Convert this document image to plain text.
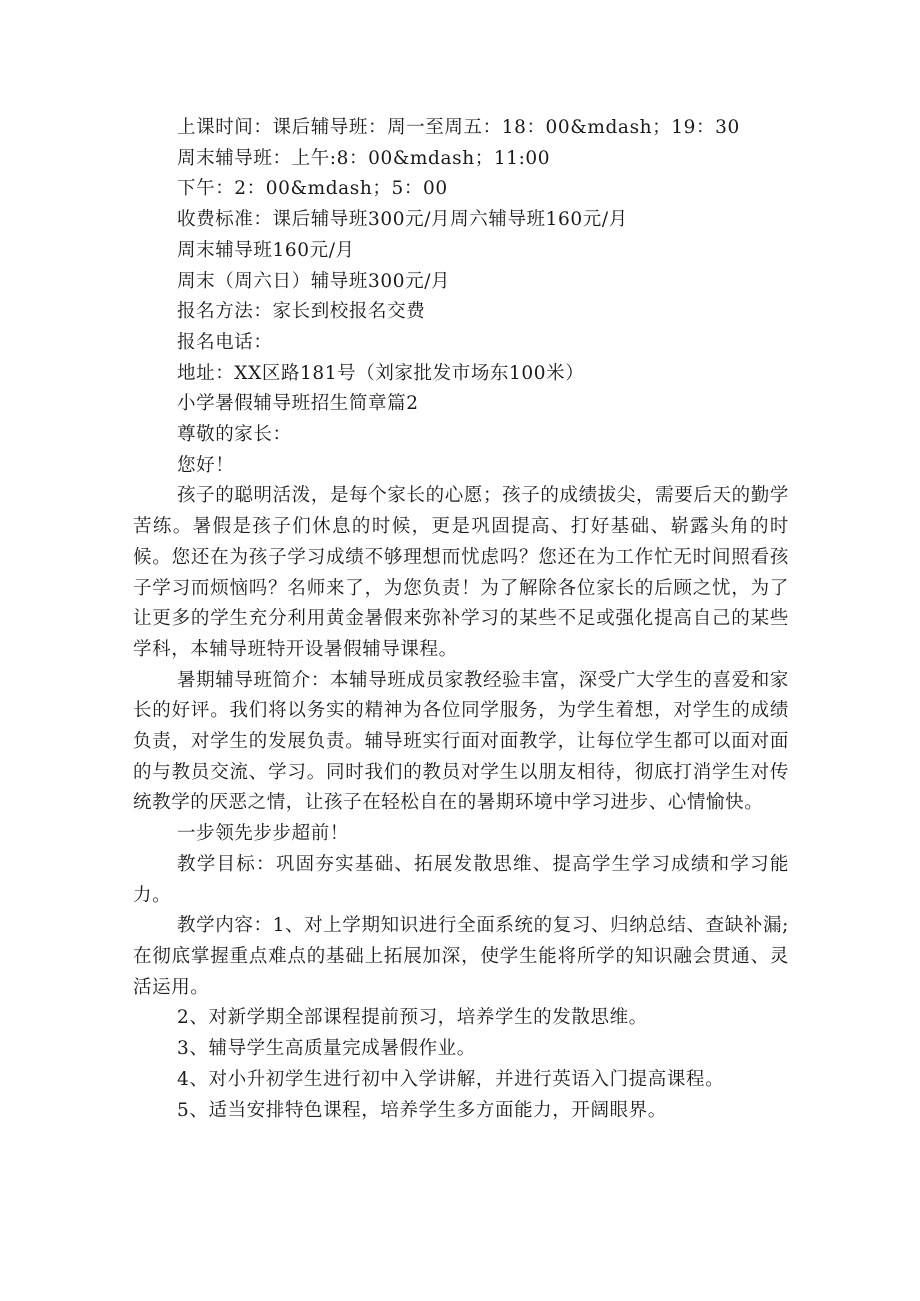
上课时间：课后辅导班：周一至周五：18：00&mdash；19：30

周末辅导班：上午:8：00&mdash；11:00

下午：2：00&mdash；5：00

收费标准：课后辅导班300元/月周六辅导班160元/月

周末辅导班160元/月

周末（周六日）辅导班300元/月

报名方法：家长到校报名交费

报名电话：

地址：XX区路181号（刘家批发市场东100米）

小学暑假辅导班招生简章篇2

尊敬的家长：

您好！

孩子的聪明活泼，是每个家长的心愿；孩子的成绩拔尖，需要后天的勤学苦练。暑假是孩子们休息的时候，更是巩固提高、打好基础、崭露头角的时候。您还在为孩子学习成绩不够理想而忧虑吗？您还在为工作忙无时间照看孩子学习而烦恼吗？名师来了，为您负责！为了解除各位家长的后顾之忧，为了让更多的学生充分利用黄金暑假来弥补学习的某些不足或强化提高自己的某些学科，本辅导班特开设暑假辅导课程。

暑期辅导班简介：本辅导班成员家教经验丰富，深受广大学生的喜爱和家长的好评。我们将以务实的精神为各位同学服务，为学生着想，对学生的成绩负责，对学生的发展负责。辅导班实行面对面教学，让每位学生都可以面对面的与教员交流、学习。同时我们的教员对学生以朋友相待，彻底打消学生对传统教学的厌恶之情，让孩子在轻松自在的暑期环境中学习进步、心情愉快。

一步领先步步超前！

教学目标：巩固夯实基础、拓展发散思维、提高学生学习成绩和学习能力。

教学内容：1、对上学期知识进行全面系统的复习、归纳总结、查缺补漏;在彻底掌握重点难点的基础上拓展加深，使学生能将所学的知识融会贯通、灵活运用。

2、对新学期全部课程提前预习，培养学生的发散思维。

3、辅导学生高质量完成暑假作业。

4、对小升初学生进行初中入学讲解，并进行英语入门提高课程。

5、适当安排特色课程，培养学生多方面能力，开阔眼界。
